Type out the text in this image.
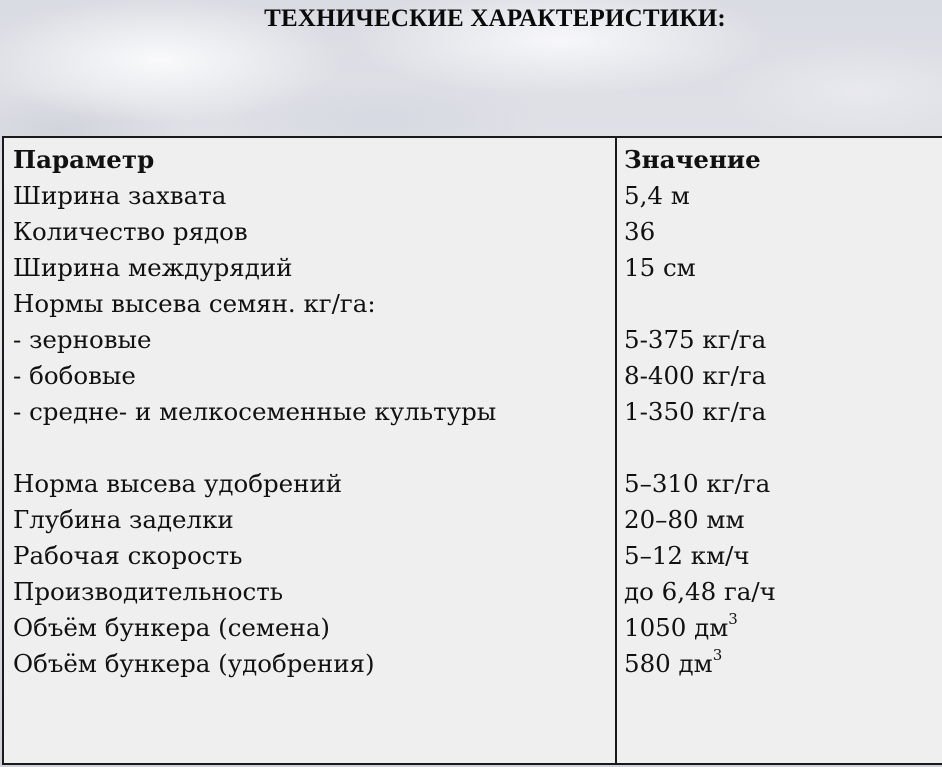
ТЕХНИЧЕСКИЕ ХАРАКТЕРИСТИКИ:
Параметр
Ширина захвата
Количество рядов
Ширина междурядий
Нормы высева семян. кг/га:
- зерновые
- бобовые
- средне- и мелкосеменные культуры
Норма высева удобрений
Глубина заделки
Рабочая скорость
Производительность
Объём бункера (семена)
Объём бункера (удобрения)
Значение
5,4 м
36
15 см
5-375 кг/га
8-400 кг/га
1-350 кг/га
5–310 кг/га
20–80 мм
5–12 км/ч
до 6,48 га/ч
1050 $дм^3$
580 $дм^3$
